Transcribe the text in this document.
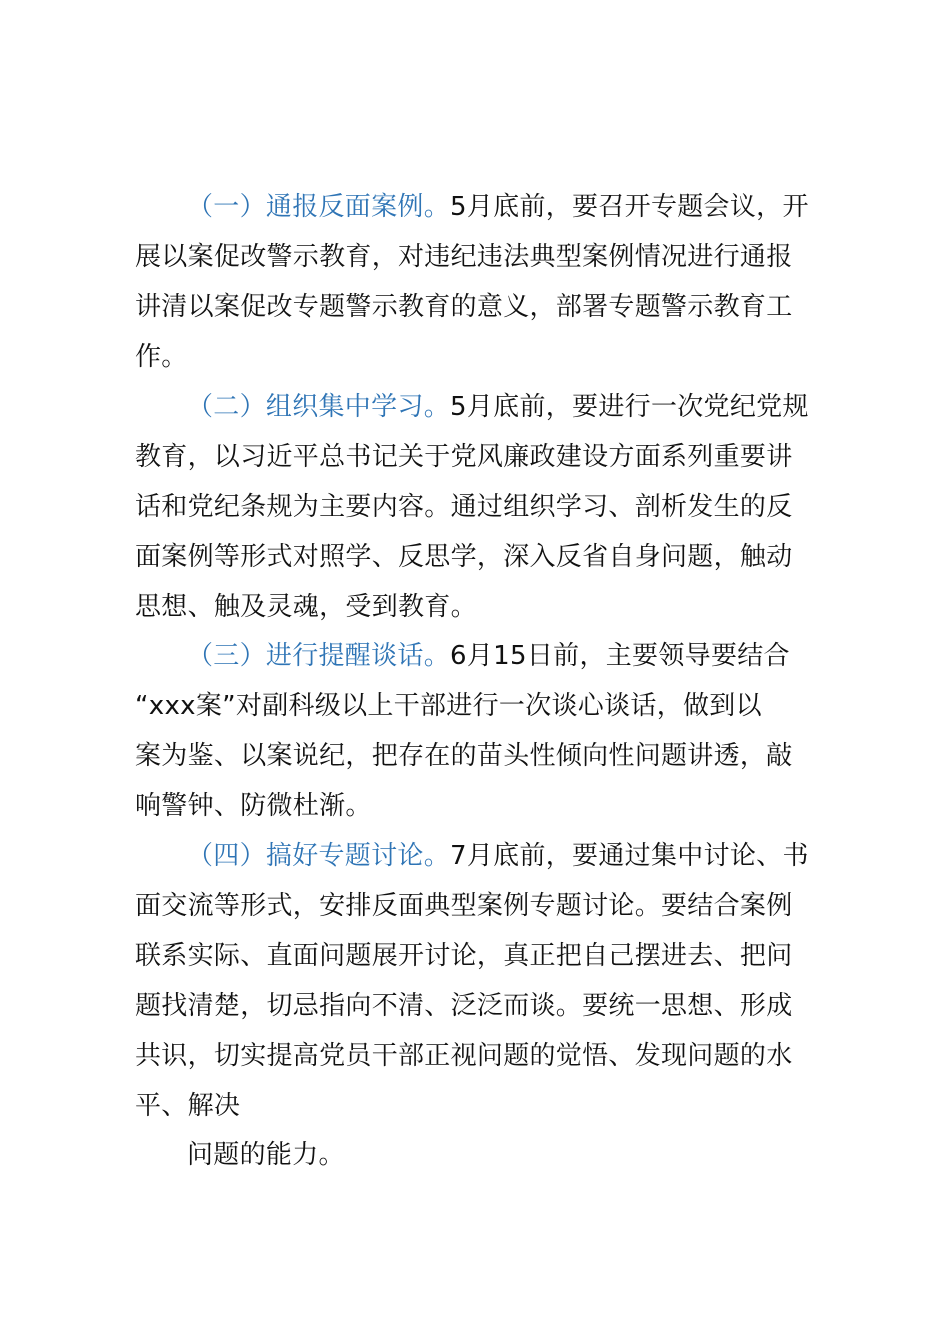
（一）通报反面案例。5月底前，要召开专题会议，开
展以案促改警示教育，对违纪违法典型案例情况进行通报
讲清以案促改专题警示教育的意义，部署专题警示教育工
作。
（二）组织集中学习。5月底前，要进行一次党纪党规
教育，以习近平总书记关于党风廉政建设方面系列重要讲
话和党纪条规为主要内容。通过组织学习、剖析发生的反
面案例等形式对照学、反思学，深入反省自身问题，触动
思想、触及灵魂，受到教育。
（三）进行提醒谈话。6月15日前，主要领导要结合
“xxx案”对副科级以上干部进行一次谈心谈话，做到以
案为鉴、以案说纪，把存在的苗头性倾向性问题讲透，敲
响警钟、防微杜渐。
（四）搞好专题讨论。7月底前，要通过集中讨论、书
面交流等形式，安排反面典型案例专题讨论。要结合案例
联系实际、直面问题展开讨论，真正把自己摆进去、把问
题找清楚，切忌指向不清、泛泛而谈。要统一思想、形成
共识，切实提高党员干部正视问题的觉悟、发现问题的水
平、解决
问题的能力。
